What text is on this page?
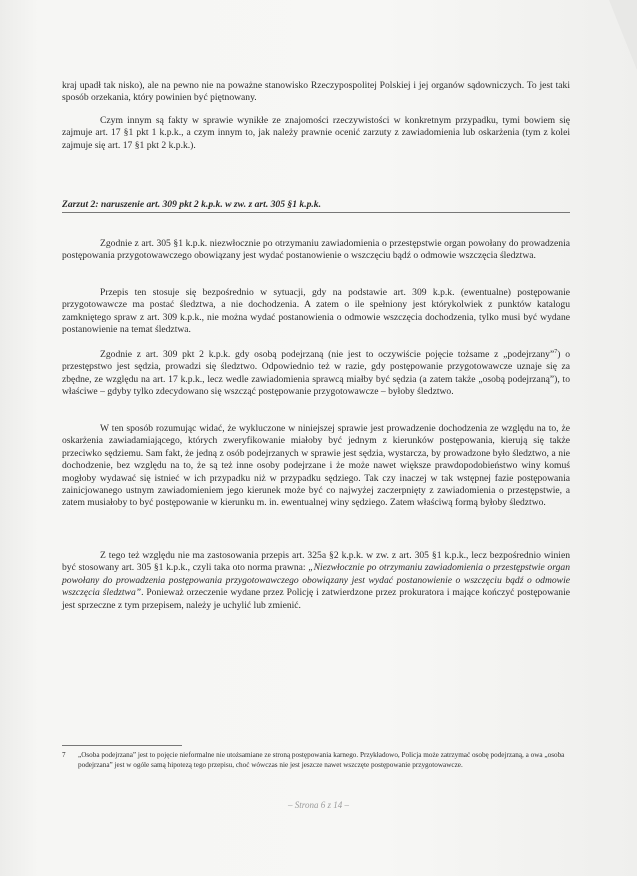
kraj upadł tak nisko), ale na pewno nie na poważne stanowisko Rzeczypospolitej Polskiej i jej organów sądowniczych. To jest taki sposób orzekania, który powinien być piętnowany.

Czym innym są fakty w sprawie wynikłe ze znajomości rzeczywistości w konkretnym przypadku, tymi bowiem się zajmuje art. 17 §1 pkt 1 k.p.k., a czym innym to, jak należy prawnie ocenić zarzuty z zawiadomienia lub oskarżenia (tym z kolei zajmuje się art. 17 §1 pkt 2 k.p.k.).

Zarzut 2: naruszenie art. 309 pkt 2 k.p.k. w zw. z art. 305 §1 k.p.k.

Zgodnie z art. 305 §1 k.p.k. niezwłocznie po otrzymaniu zawiadomienia o przestępstwie organ powołany do prowadzenia postępowania przygotowawczego obowiązany jest wydać postanowienie o wszczęciu bądź o odmowie wszczęcia śledztwa.

Przepis ten stosuje się bezpośrednio w sytuacji, gdy na podstawie art. 309 k.p.k. (ewentualne) postępowanie przygotowawcze ma postać śledztwa, a nie dochodzenia. A zatem o ile spełniony jest którykolwiek z punktów katalogu zamkniętego spraw z art. 309 k.p.k., nie można wydać postanowienia o odmowie wszczęcia dochodzenia, tylko musi być wydane postanowienie na temat śledztwa.

Zgodnie z art. 309 pkt 2 k.p.k. gdy osobą podejrzaną (nie jest to oczywiście pojęcie tożsame z „podejrzany”$^7$) o przestępstwo jest sędzia, prowadzi się śledztwo. Odpowiednio też w razie, gdy postępowanie przygotowawcze uznaje się za zbędne, ze względu na art. 17 k.p.k., lecz wedle zawiadomienia sprawcą miałby być sędzia (a zatem także „osobą podejrzaną”), to właściwe – gdyby tylko zdecydowano się wszcząć postępowanie przygotowawcze – byłoby śledztwo.

W ten sposób rozumując widać, że wykluczone w niniejszej sprawie jest prowadzenie dochodzenia ze względu na to, że oskarżenia zawiadamiającego, których zweryfikowanie miałoby być jednym z kierunków postępowania, kierują się także przeciwko sędziemu. Sam fakt, że jedną z osób podejrzanych w sprawie jest sędzia, wystarcza, by prowadzone było śledztwo, a nie dochodzenie, bez względu na to, że są też inne osoby podejrzane i że może nawet większe prawdopodobieństwo winy komuś mogłoby wydawać się istnieć w ich przypadku niż w przypadku sędziego. Tak czy inaczej w tak wstępnej fazie postępowania zainicjowanego ustnym zawiadomieniem jego kierunek może być co najwyżej zaczerpnięty z zawiadomienia o przestępstwie, a zatem musiałoby to być postępowanie w kierunku m. in. ewentualnej winy sędziego. Zatem właściwą formą byłoby śledztwo.

Z tego też względu nie ma zastosowania przepis art. 325a §2 k.p.k. w zw. z art. 305 §1 k.p.k., lecz bezpośrednio winien być stosowany art. 305 §1 k.p.k., czyli taka oto norma prawna: „Niezwłocznie po otrzymaniu zawiadomienia o przestępstwie organ powołany do prowadzenia postępowania przygotowawczego obowiązany jest wydać postanowienie o wszczęciu bądź o odmowie wszczęcia śledztwa”. Ponieważ orzeczenie wydane przez Policję i zatwierdzone przez prokuratora i mające kończyć postępowanie jest sprzeczne z tym przepisem, należy je uchylić lub zmienić.

7	„Osoba podejrzana” jest to pojęcie nieformalne nie utożsamiane ze stroną postępowania karnego. Przykładowo, Policja może zatrzymać osobę podejrzaną, a owa „osoba podejrzana” jest w ogóle samą hipotezą tego przepisu, choć wówczas nie jest jeszcze nawet wszczęte postępowanie przygotowawcze.

– Strona 6 z 14 –
